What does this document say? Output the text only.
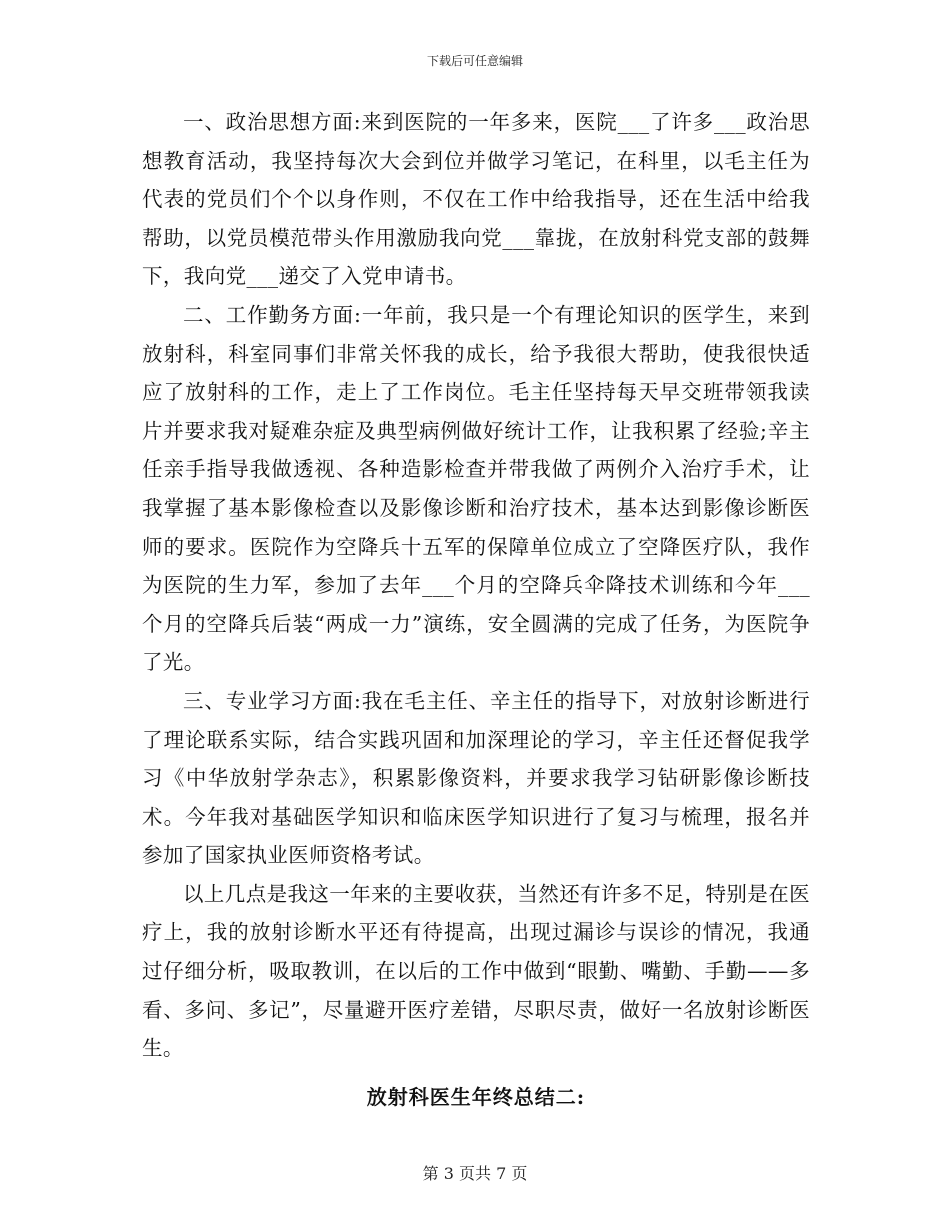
下载后可任意编辑

一、政治思想方面:来到医院的一年多来，医院___了许多___政治思想教育活动，我坚持每次大会到位并做学习笔记，在科里，以毛主任为代表的党员们个个以身作则，不仅在工作中给我指导，还在生活中给我帮助，以党员模范带头作用激励我向党___靠拢，在放射科党支部的鼓舞下，我向党___递交了入党申请书。

二、工作勤务方面:一年前，我只是一个有理论知识的医学生，来到放射科，科室同事们非常关怀我的成长，给予我很大帮助，使我很快适应了放射科的工作，走上了工作岗位。毛主任坚持每天早交班带领我读片并要求我对疑难杂症及典型病例做好统计工作，让我积累了经验;辛主任亲手指导我做透视、各种造影检查并带我做了两例介入治疗手术，让我掌握了基本影像检查以及影像诊断和治疗技术，基本达到影像诊断医师的要求。医院作为空降兵十五军的保障单位成立了空降医疗队，我作为医院的生力军，参加了去年___个月的空降兵伞降技术训练和今年___个月的空降兵后装“两成一力”演练，安全圆满的完成了任务，为医院争了光。

三、专业学习方面:我在毛主任、辛主任的指导下，对放射诊断进行了理论联系实际，结合实践巩固和加深理论的学习，辛主任还督促我学习《中华放射学杂志》，积累影像资料，并要求我学习钻研影像诊断技术。今年我对基础医学知识和临床医学知识进行了复习与梳理，报名并参加了国家执业医师资格考试。

以上几点是我这一年来的主要收获，当然还有许多不足，特别是在医疗上，我的放射诊断水平还有待提高，出现过漏诊与误诊的情况，我通过仔细分析，吸取教训，在以后的工作中做到“眼勤、嘴勤、手勤——多看、多问、多记”，尽量避开医疗差错，尽职尽责，做好一名放射诊断医生。

放射科医生年终总结二:

第 3 页共 7 页
